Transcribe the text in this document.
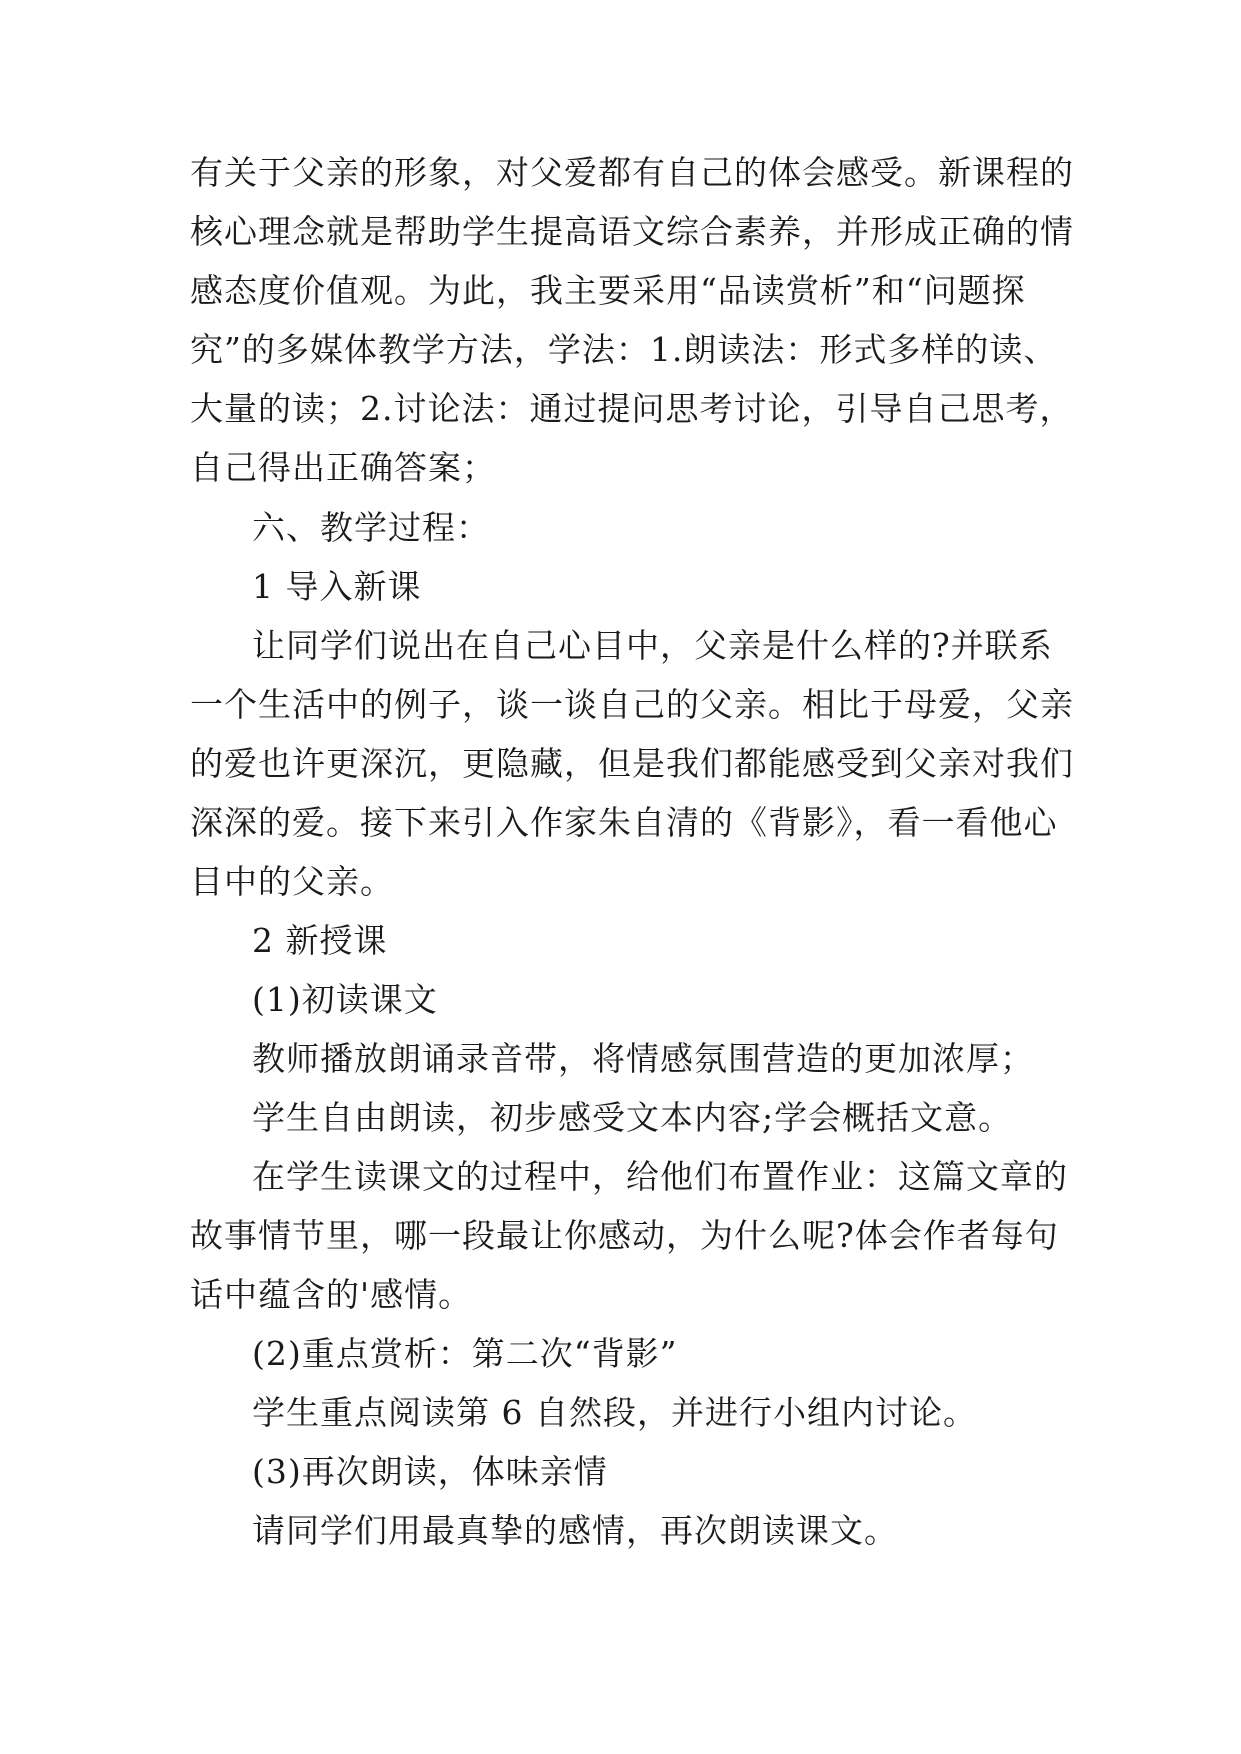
有关于父亲的形象，对父爱都有自己的体会感受。新课程的
核心理念就是帮助学生提高语文综合素养，并形成正确的情
感态度价值观。为此，我主要采用“品读赏析”和“问题探
究”的多媒体教学方法，学法：1.朗读法：形式多样的读、
大量的读；2.讨论法：通过提问思考讨论，引导自己思考，
自己得出正确答案；
六、教学过程：
1 导入新课
让同学们说出在自己心目中，父亲是什么样的?并联系
一个生活中的例子，谈一谈自己的父亲。相比于母爱，父亲
的爱也许更深沉，更隐藏，但是我们都能感受到父亲对我们
深深的爱。接下来引入作家朱自清的《背影》，看一看他心
目中的父亲。
2 新授课
(1)初读课文
教师播放朗诵录音带，将情感氛围营造的更加浓厚；
学生自由朗读，初步感受文本内容;学会概括文意。
在学生读课文的过程中，给他们布置作业：这篇文章的
故事情节里，哪一段最让你感动，为什么呢?体会作者每句
话中蕴含的'感情。
(2)重点赏析：第二次“背影”
学生重点阅读第 6 自然段，并进行小组内讨论。
(3)再次朗读，体味亲情
请同学们用最真挚的感情，再次朗读课文。
